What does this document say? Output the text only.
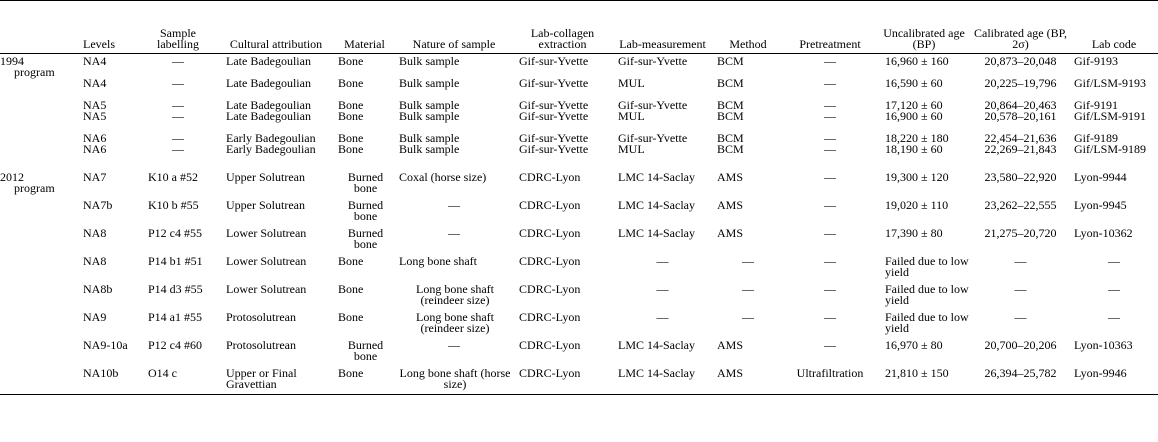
	Levels	Sample labelling	Cultural attribution	Material	Nature of sample	Lab-collagen extraction	Lab-measurement	Method	Pretreatment	Uncalibrated age (BP)	Calibrated age (BP, 2σ)	Lab code

1994
program	NA4	—	Late Badegoulian	Bone	Bulk sample	Gif-sur-Yvette	Gif-sur-Yvette	BCM	—	16,960 ± 160	20,873–20,048	Gif-9193
	NA4	—	Late Badegoulian	Bone	Bulk sample	Gif-sur-Yvette	MUL	BCM	—	16,590 ± 60	20,225–19,796	Gif/LSM-9193
	NA5	—	Late Badegoulian	Bone	Bulk sample	Gif-sur-Yvette	Gif-sur-Yvette	BCM	—	17,120 ± 60	20,864–20,463	Gif-9191
	NA5	—	Late Badegoulian	Bone	Bulk sample	Gif-sur-Yvette	MUL	BCM	—	16,900 ± 60	20,578–20,161	Gif/LSM-9191
	NA6	—	Early Badegoulian	Bone	Bulk sample	Gif-sur-Yvette	Gif-sur-Yvette	BCM	—	18,220 ± 180	22,454–21,636	Gif-9189
	NA6	—	Early Badegoulian	Bone	Bulk sample	Gif-sur-Yvette	MUL	BCM	—	18,190 ± 60	22,269–21,843	Gif/LSM-9189

2012
program	NA7	K10 a #52	Upper Solutrean	Burned bone	Coxal (horse size)	CDRC-Lyon	LMC 14-Saclay	AMS	—	19,300 ± 120	23,580–22,920	Lyon-9944
	NA7b	K10 b #55	Upper Solutrean	Burned bone	—	CDRC-Lyon	LMC 14-Saclay	AMS	—	19,020 ± 110	23,262–22,555	Lyon-9945
	NA8	P12 c4 #55	Lower Solutrean	Burned bone	—	CDRC-Lyon	LMC 14-Saclay	AMS	—	17,390 ± 80	21,275–20,720	Lyon-10362
	NA8	P14 b1 #51	Lower Solutrean	Bone	Long bone shaft	CDRC-Lyon	—	—	—	Failed due to low yield	—	—
	NA8b	P14 d3 #55	Lower Solutrean	Bone	Long bone shaft (reindeer size)	CDRC-Lyon	—	—	—	Failed due to low yield	—	—
	NA9	P14 a1 #55	Protosolutrean	Bone	Long bone shaft (reindeer size)	CDRC-Lyon	—	—	—	Failed due to low yield	—	—
	NA9-10a	P12 c4 #60	Protosolutrean	Burned bone	—	CDRC-Lyon	LMC 14-Saclay	AMS	—	16,970 ± 80	20,700–20,206	Lyon-10363
	NA10b	O14 c	Upper or Final Gravettian	Bone	Long bone shaft (horse size)	CDRC-Lyon	LMC 14-Saclay	AMS	Ultrafiltration	21,810 ± 150	26,394–25,782	Lyon-9946
